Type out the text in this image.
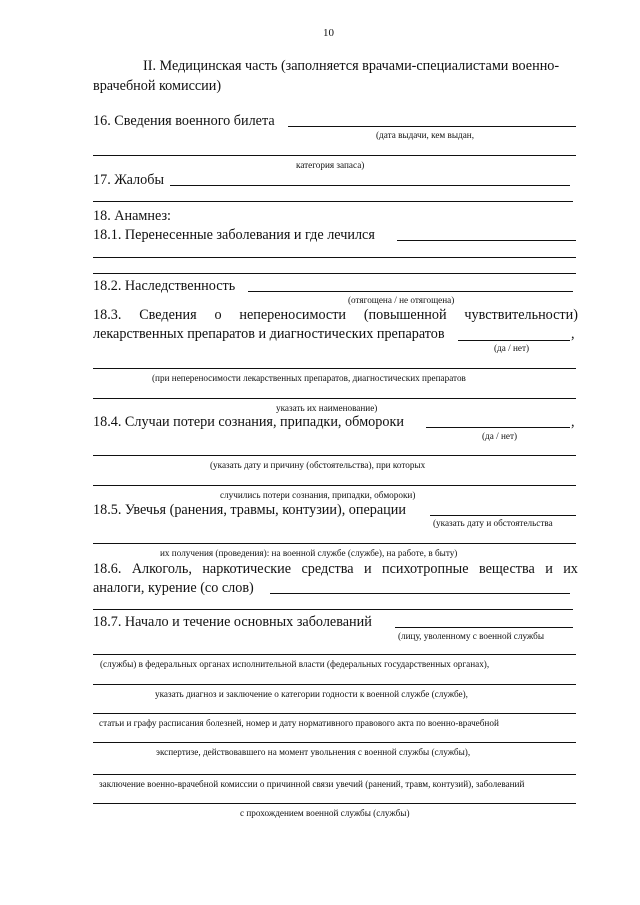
10
II. Медицинская часть (заполняется врачами-специалистами военно-
врачебной комиссии)
16. Сведения военного билета
(дата выдачи, кем выдан,
категория запаса)
17. Жалобы
18. Анамнез:
18.1. Перенесенные заболевания и где лечился
18.2. Наследственность
(отягощена / не отягощена)
18.3. Сведения о непереносимости (повышенной чувствительности)
лекарственных препаратов и диагностических препаратов	,
(да / нет)
(при непереносимости лекарственных препаратов, диагностических препаратов
указать их наименование)
18.4. Случаи потери сознания, припадки, обмороки	,
(да / нет)
(указать дату и причину (обстоятельства), при которых
случились потери сознания, припадки, обмороки)
18.5. Увечья (ранения, травмы, контузии), операции
(указать дату и обстоятельства
их получения (проведения): на военной службе (службе), на работе, в быту)
18.6. Алкоголь, наркотические средства и психотропные вещества и их
аналоги, курение (со слов)
18.7. Начало и течение основных заболеваний
(лицу, уволенному с военной службы
(службы) в федеральных органах исполнительной власти (федеральных государственных органах),
указать диагноз и заключение о категории годности к военной службе (службе),
статьи и графу расписания болезней, номер и дату нормативного правового акта по военно-врачебной
экспертизе, действовавшего на момент увольнения с военной службы (службы),
заключение военно-врачебной комиссии о причинной связи увечий (ранений, травм, контузий), заболеваний
с прохождением военной службы (службы)
